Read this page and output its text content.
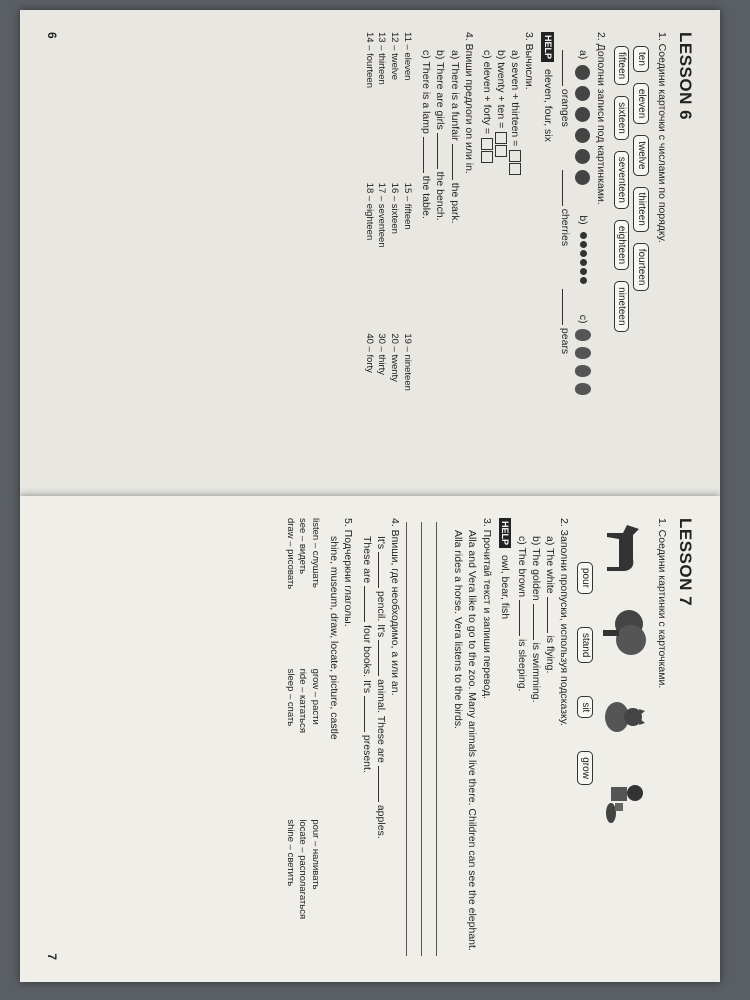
LESSON 6
1. Соедини карточки с числами по порядку.
ten eleven twelve thirteen fourteen
fifteen sixteen seventeen eighteen nineteen
2. Дополни записи под картинками.
a)
b)
c)
oranges  cherries  pears
HELP eleven, four, six
3. Вычисли.
a) seven + thirteen =
b) twenty + ten =
c) eleven + forty =
4. Впиши предлоги on или in.
a) There is a funfair  the park.
b) There are girls  the bench.
c) There is a lamp  the table.
11 – eleven
15 – fifteen
19 – nineteen
12 – twelve
16 – sixteen
20 – twenty
13 – thirteen
17 – seventeen
30 – thirty
14 – fourteen
18 – eighteen
40 – forty
6
LESSON 7
1. Соедини картинки с карточками.
pour stand sit grow
2. Заполни пропуски, используя подсказку.
a) The white  is flying.
b) The golden  is swimming.
c) The brown  is sleeping.
HELP owl, bear, fish
3. Прочитай текст и запиши перевод.
Alla and Vera like to go to the zoo. Many animals live there. Children can see the elephant. Alla rides a horse. Vera listens to the birds.
4. Впиши, где необходимо, a или an.
It's  pencil. It's  animal. These are  apples.
These are  four books. It's  present.
5. Подчеркни глаголы.
shine, museum, draw, locate, picture, castle
listen – слушать
grow – расти
pour – наливать
see – видеть
ride – кататься
locate – располагаться
draw – рисовать
sleep – спать
shine – светить
7
